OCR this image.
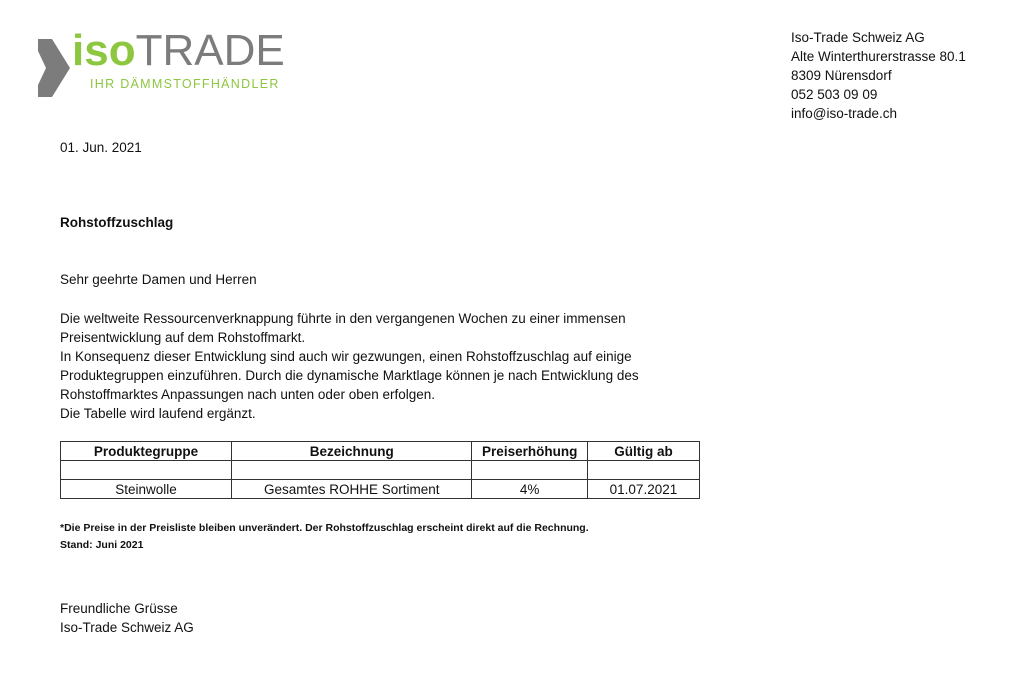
isoTRADE
IHR DÄMMSTOFFHÄNDLER
Iso-Trade Schweiz AG
Alte Winterthurerstrasse 80.1
8309 Nürensdorf
052 503 09 09
info@iso-trade.ch
01. Jun. 2021
Rohstoffzuschlag
Sehr geehrte Damen und Herren
Die weltweite Ressourcenverknappung führte in den vergangenen Wochen zu einer immensen
Preisentwicklung auf dem Rohstoffmarkt.
In Konsequenz dieser Entwicklung sind auch wir gezwungen, einen Rohstoffzuschlag auf einige
Produktegruppen einzuführen. Durch die dynamische Marktlage können je nach Entwicklung des
Rohstoffmarktes Anpassungen nach unten oder oben erfolgen.
Die Tabelle wird laufend ergänzt.
Produktegruppe	Bezeichnung	Preiserhöhung	Gültig ab

Steinwolle	Gesamtes ROHHE Sortiment	4%	01.07.2021
*Die Preise in der Preisliste bleiben unverändert. Der Rohstoffzuschlag erscheint direkt auf die Rechnung.
Stand: Juni 2021
Freundliche Grüsse
Iso-Trade Schweiz AG
